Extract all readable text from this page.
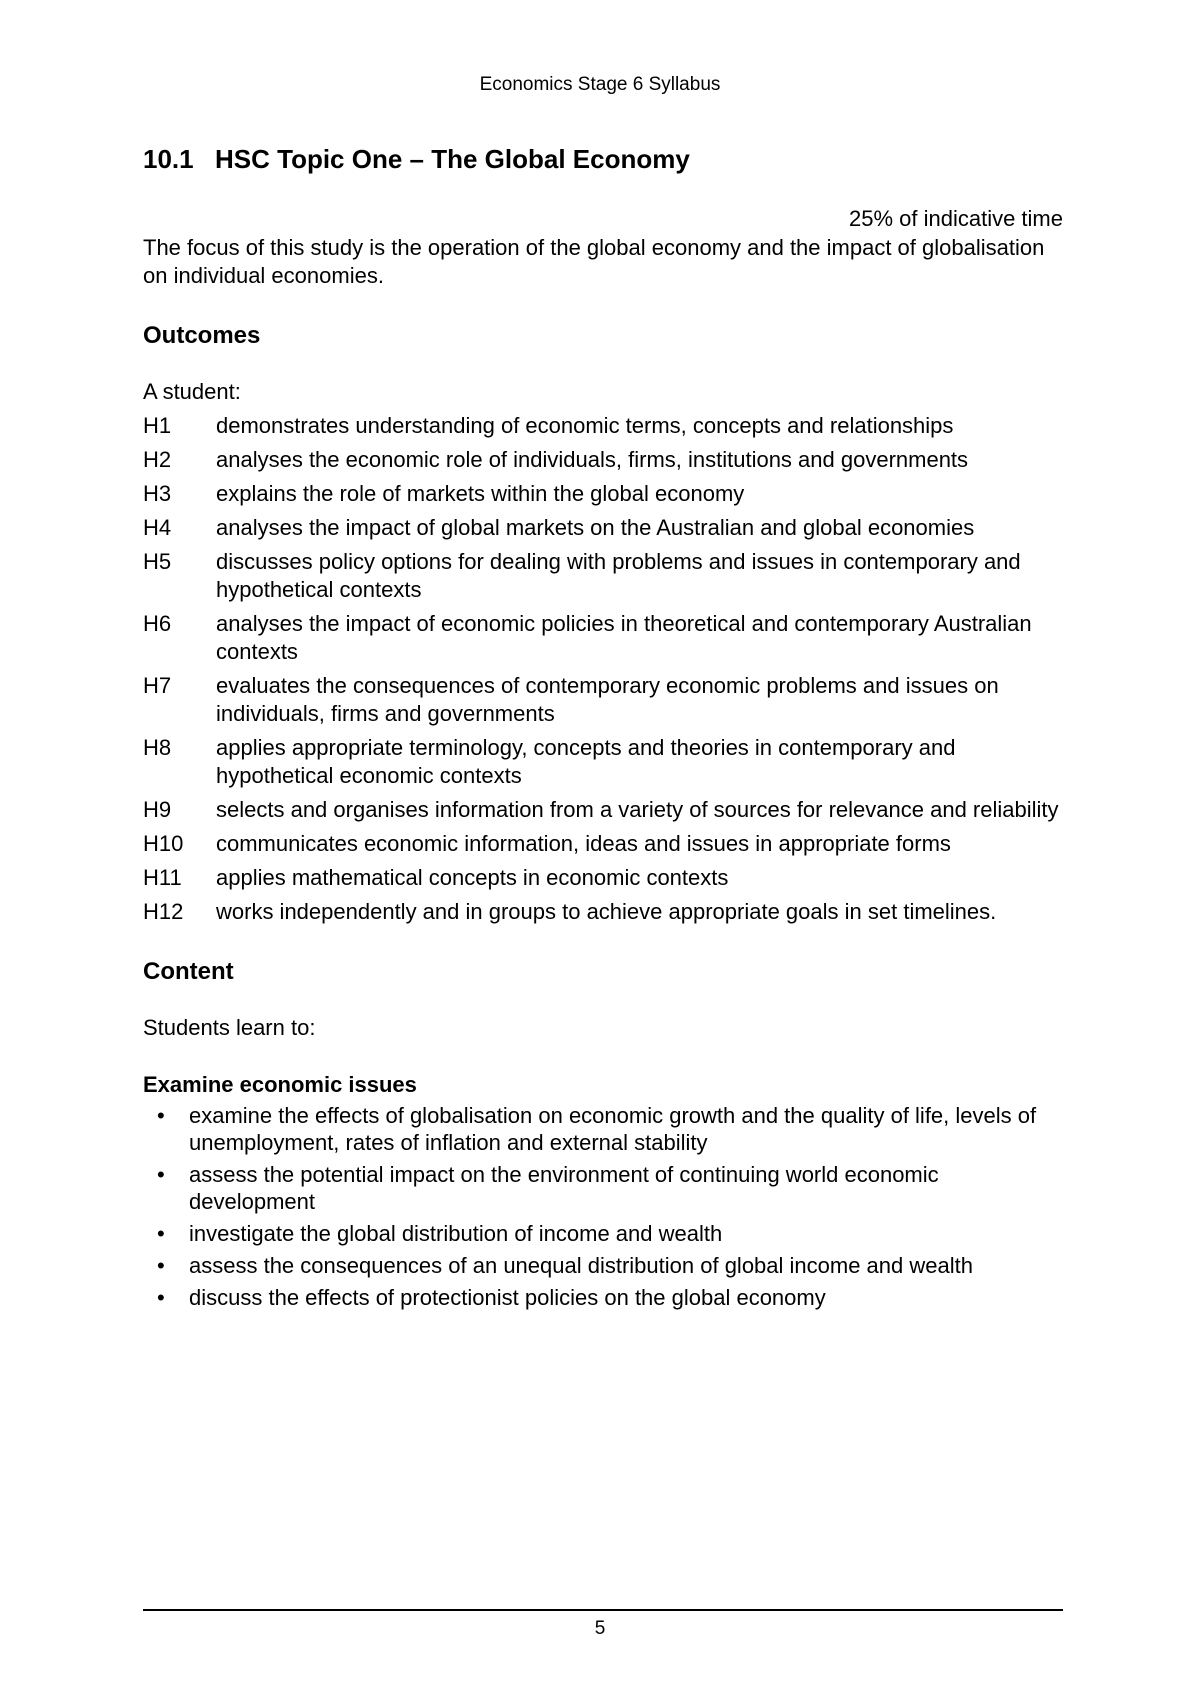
Economics Stage 6 Syllabus
10.1 HSC Topic One – The Global Economy
25% of indicative time

The focus of this study is the operation of the global economy and the impact of globalisation on individual economies.

Outcomes

A student:

H1	demonstrates understanding of economic terms, concepts and relationships
H2	analyses the economic role of individuals, firms, institutions and governments
H3	explains the role of markets within the global economy
H4	analyses the impact of global markets on the Australian and global economies
H5	discusses policy options for dealing with problems and issues in contemporary and hypothetical contexts
H6	analyses the impact of economic policies in theoretical and contemporary Australian contexts
H7	evaluates the consequences of contemporary economic problems and issues on individuals, firms and governments
H8	applies appropriate terminology, concepts and theories in contemporary and hypothetical economic contexts
H9	selects and organises information from a variety of sources for relevance and reliability
H10	communicates economic information, ideas and issues in appropriate forms
H11	applies mathematical concepts in economic contexts
H12	works independently and in groups to achieve appropriate goals in set timelines.
Content

Students learn to:

Examine economic issues
•	examine the effects of globalisation on economic growth and the quality of life, levels of unemployment, rates of inflation and external stability
•	assess the potential impact on the environment of continuing world economic development
•	investigate the global distribution of income and wealth
•	assess the consequences of an unequal distribution of global income and wealth
•	discuss the effects of protectionist policies on the global economy
5
